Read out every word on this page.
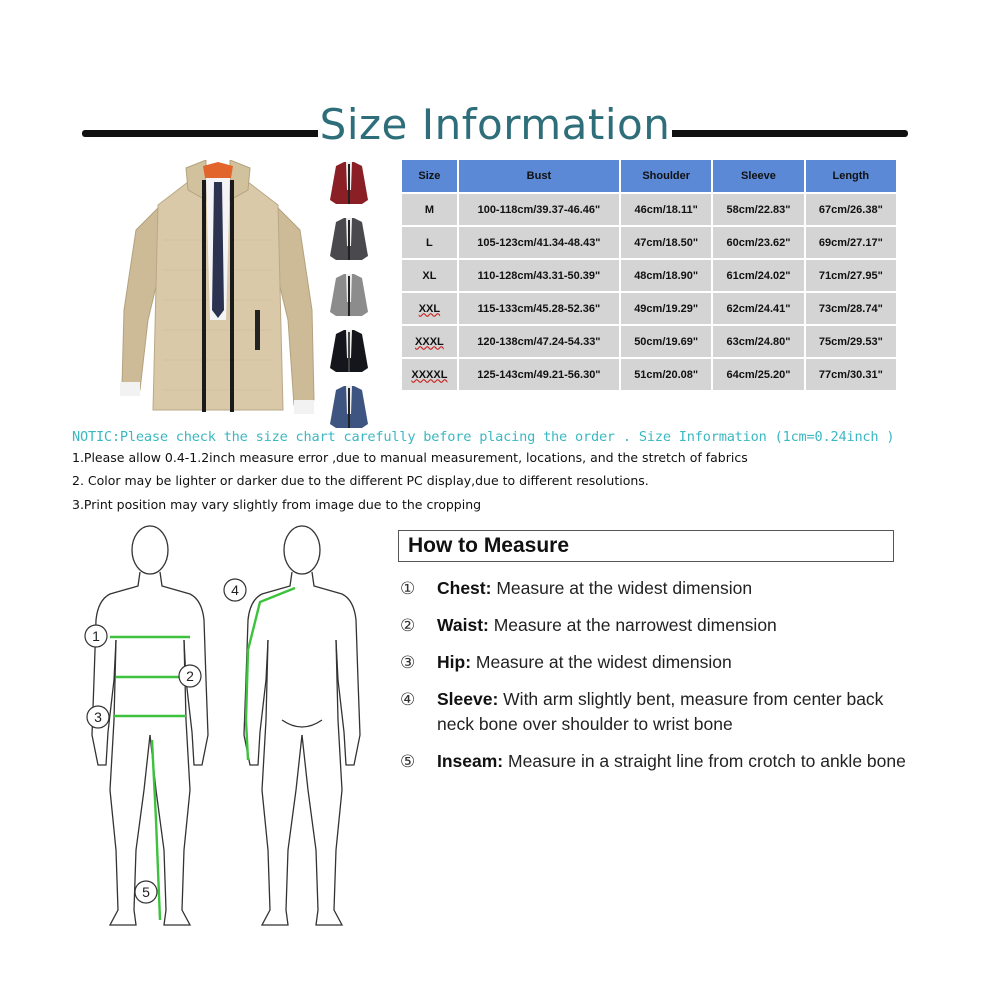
Size Information

Size	Bust	Shoulder	Sleeve	Length
M	100-118cm/39.37-46.46"	46cm/18.11"	58cm/22.83"	67cm/26.38"
L	105-123cm/41.34-48.43"	47cm/18.50"	60cm/23.62"	69cm/27.17"
XL	110-128cm/43.31-50.39"	48cm/18.90"	61cm/24.02"	71cm/27.95"
XXL	115-133cm/45.28-52.36"	49cm/19.29"	62cm/24.41"	73cm/28.74"
XXXL	120-138cm/47.24-54.33"	50cm/19.69"	63cm/24.80"	75cm/29.53"
XXXXL	125-143cm/49.21-56.30"	51cm/20.08"	64cm/25.20"	77cm/30.31"
NOTIC:Please check the size chart carefully before placing the order . Size Information (1cm=0.24inch )
1.Please allow 0.4-1.2inch measure error ,due to manual measurement, locations, and the stretch of fabrics
2. Color may be lighter or darker due to the different PC display,due to different resolutions.
3.Print position may vary slightly from image due to the cropping
1
2
3
4
5
How to Measure
①	Chest: Measure at the widest dimension
②	Waist: Measure at the narrowest dimension
③	Hip: Measure at the widest dimension
④	Sleeve: With arm slightly bent, measure from center back neck bone over shoulder to wrist bone
⑤	Inseam: Measure in a straight line from crotch to ankle bone
